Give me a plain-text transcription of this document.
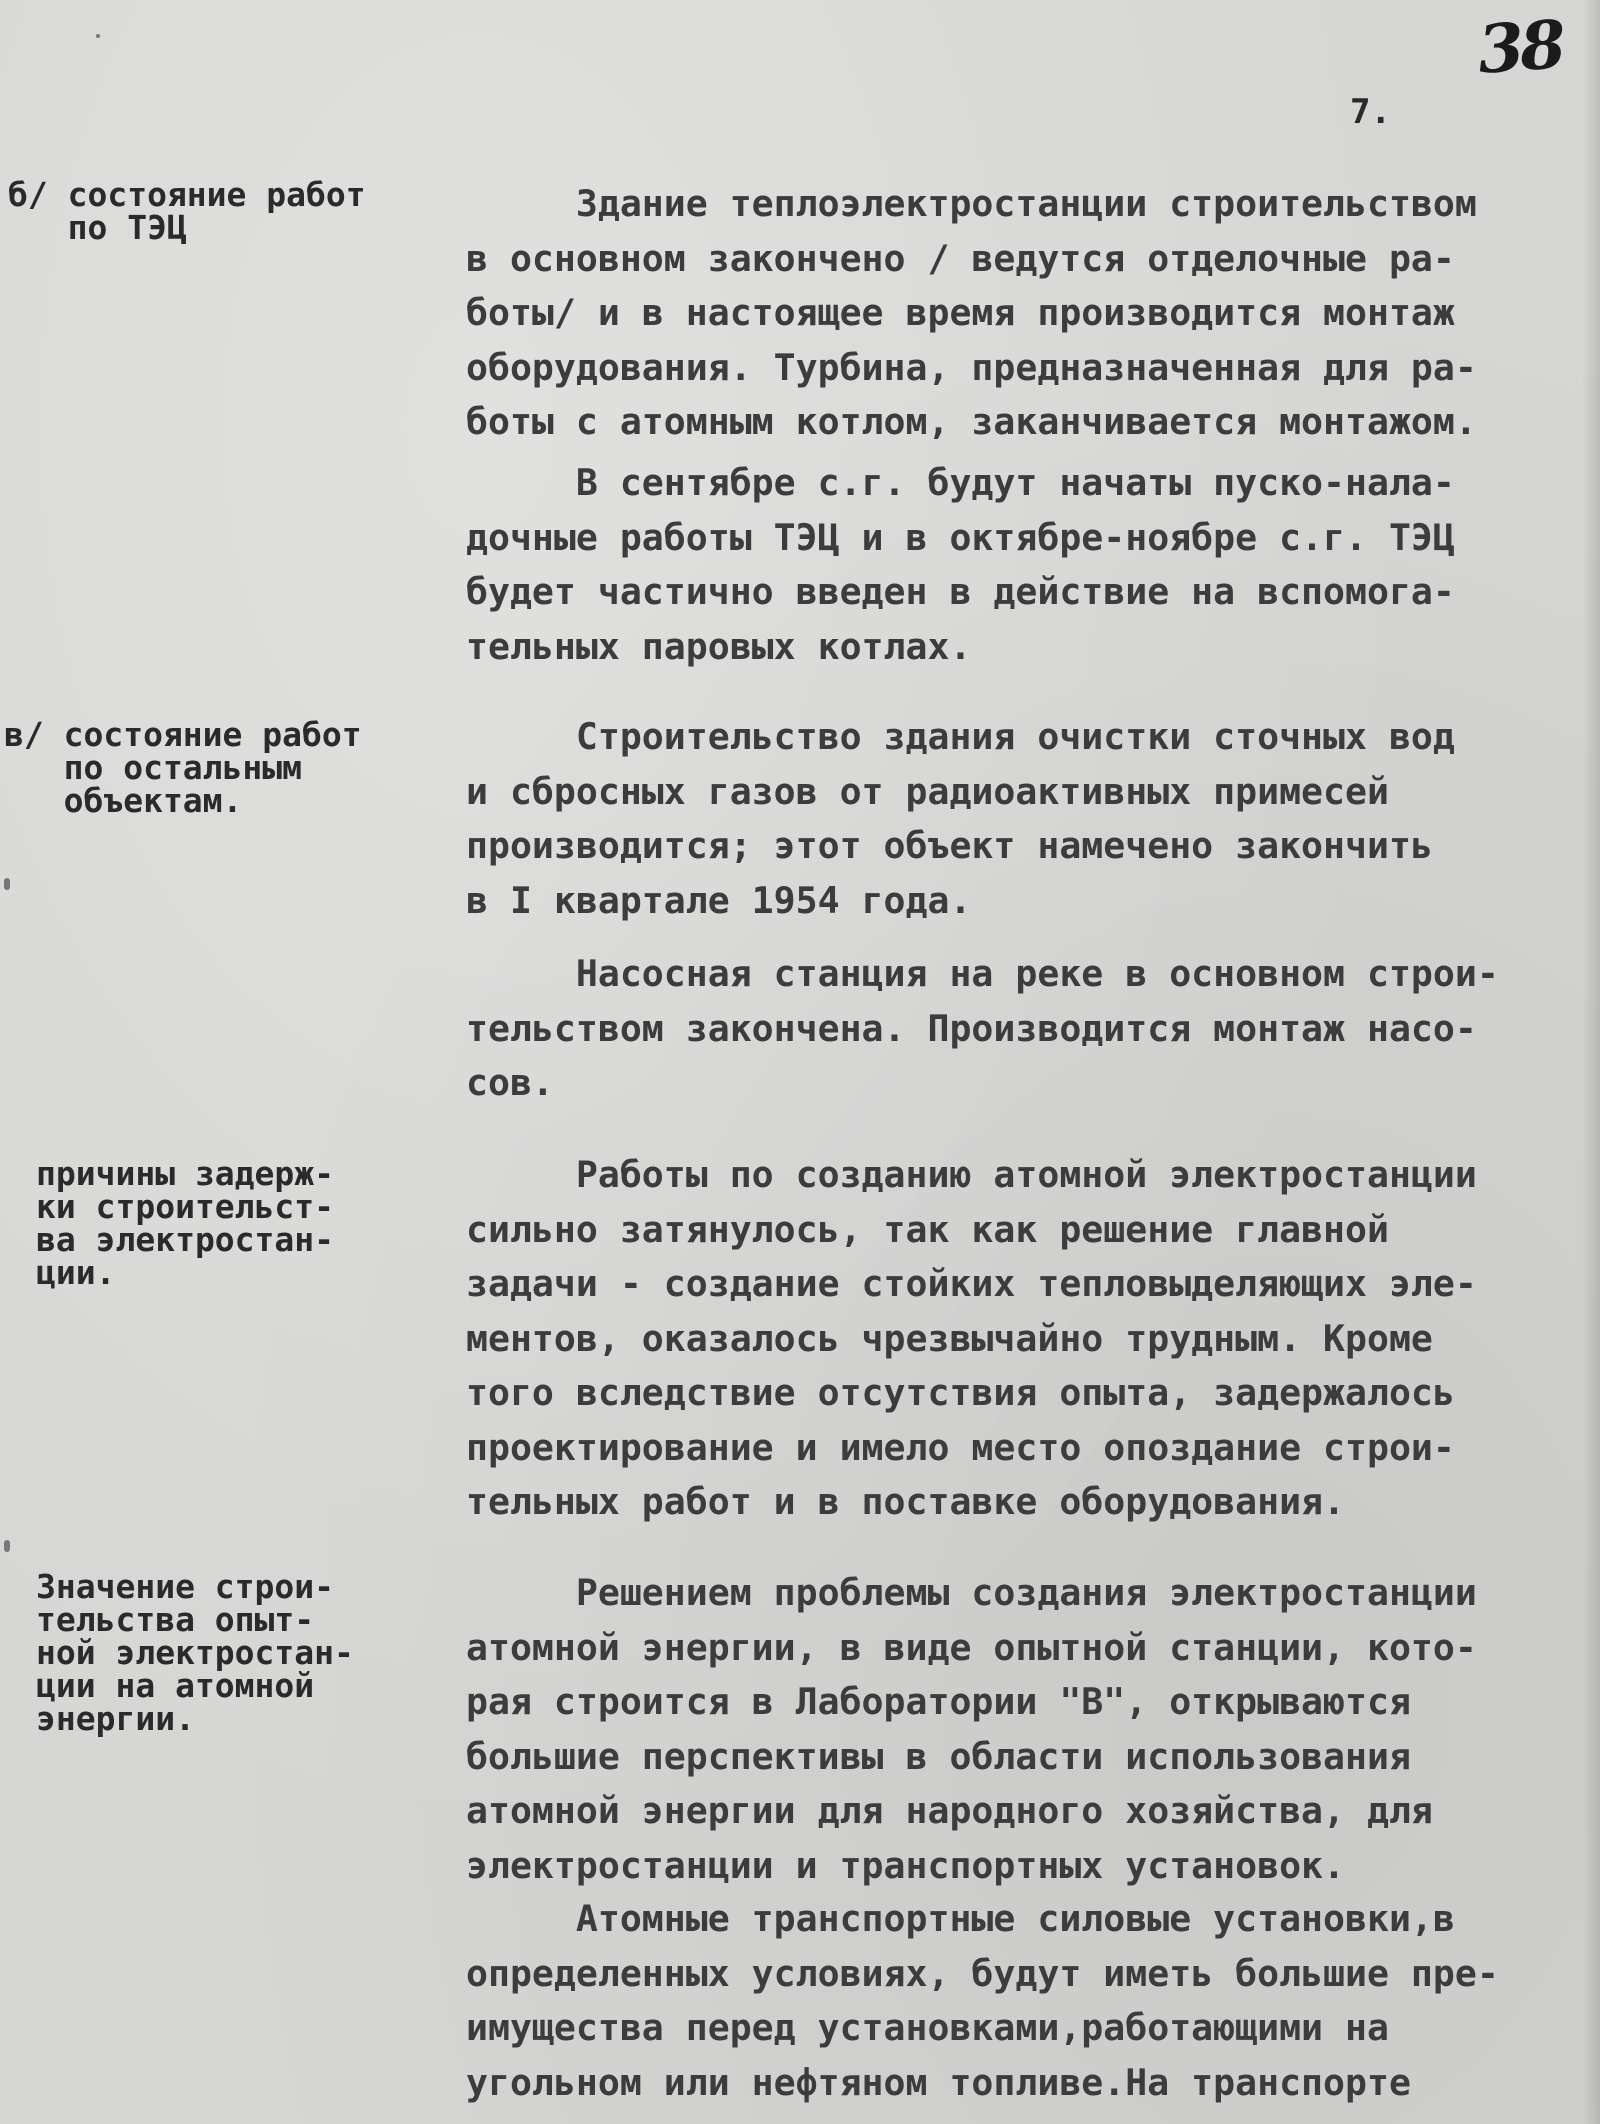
38
7.
б/ состояние работ
по ТЭЦ
в/ состояние работ
по остальным
объектам.
причины задерж-
ки строительст-
ва электростан-
ции.
Значение строи-
тельства опыт-
ной электростан-
ции на атомной
энергии.
Здание теплоэлектростанции строительством
в основном закончено / ведутся отделочные ра-
боты/ и в настоящее время производится монтаж
оборудования. Турбина, предназначенная для ра-
боты с атомным котлом, заканчивается монтажом.
В сентябре с.г. будут начаты пуско-нала-
дочные работы ТЭЦ и в октябре-ноябре с.г. ТЭЦ
будет частично введен в действие на вспомога-
тельных паровых котлах.
Строительство здания очистки сточных вод
и сбросных газов от радиоактивных примесей
производится; этот объект намечено закончить
в I квартале 1954 года.
Насосная станция на реке в основном строи-
тельством закончена. Производится монтаж насо-
сов.
Работы по созданию атомной электростанции
сильно затянулось, так как решение главной
задачи - создание стойких тепловыделяющих эле-
ментов, оказалось чрезвычайно трудным. Кроме
того вследствие отсутствия опыта, задержалось
проектирование и имело место опоздание строи-
тельных работ и в поставке оборудования.
Решением проблемы создания электростанции
атомной энергии, в виде опытной станции, кото-
рая строится в Лаборатории "В", открываются
большие перспективы в области использования
атомной энергии для народного хозяйства, для
электростанции и транспортных установок.
Атомные транспортные силовые установки,в
определенных условиях, будут иметь большие пре-
имущества перед установками,работающими на
угольном или нефтяном топливе.На транспорте
